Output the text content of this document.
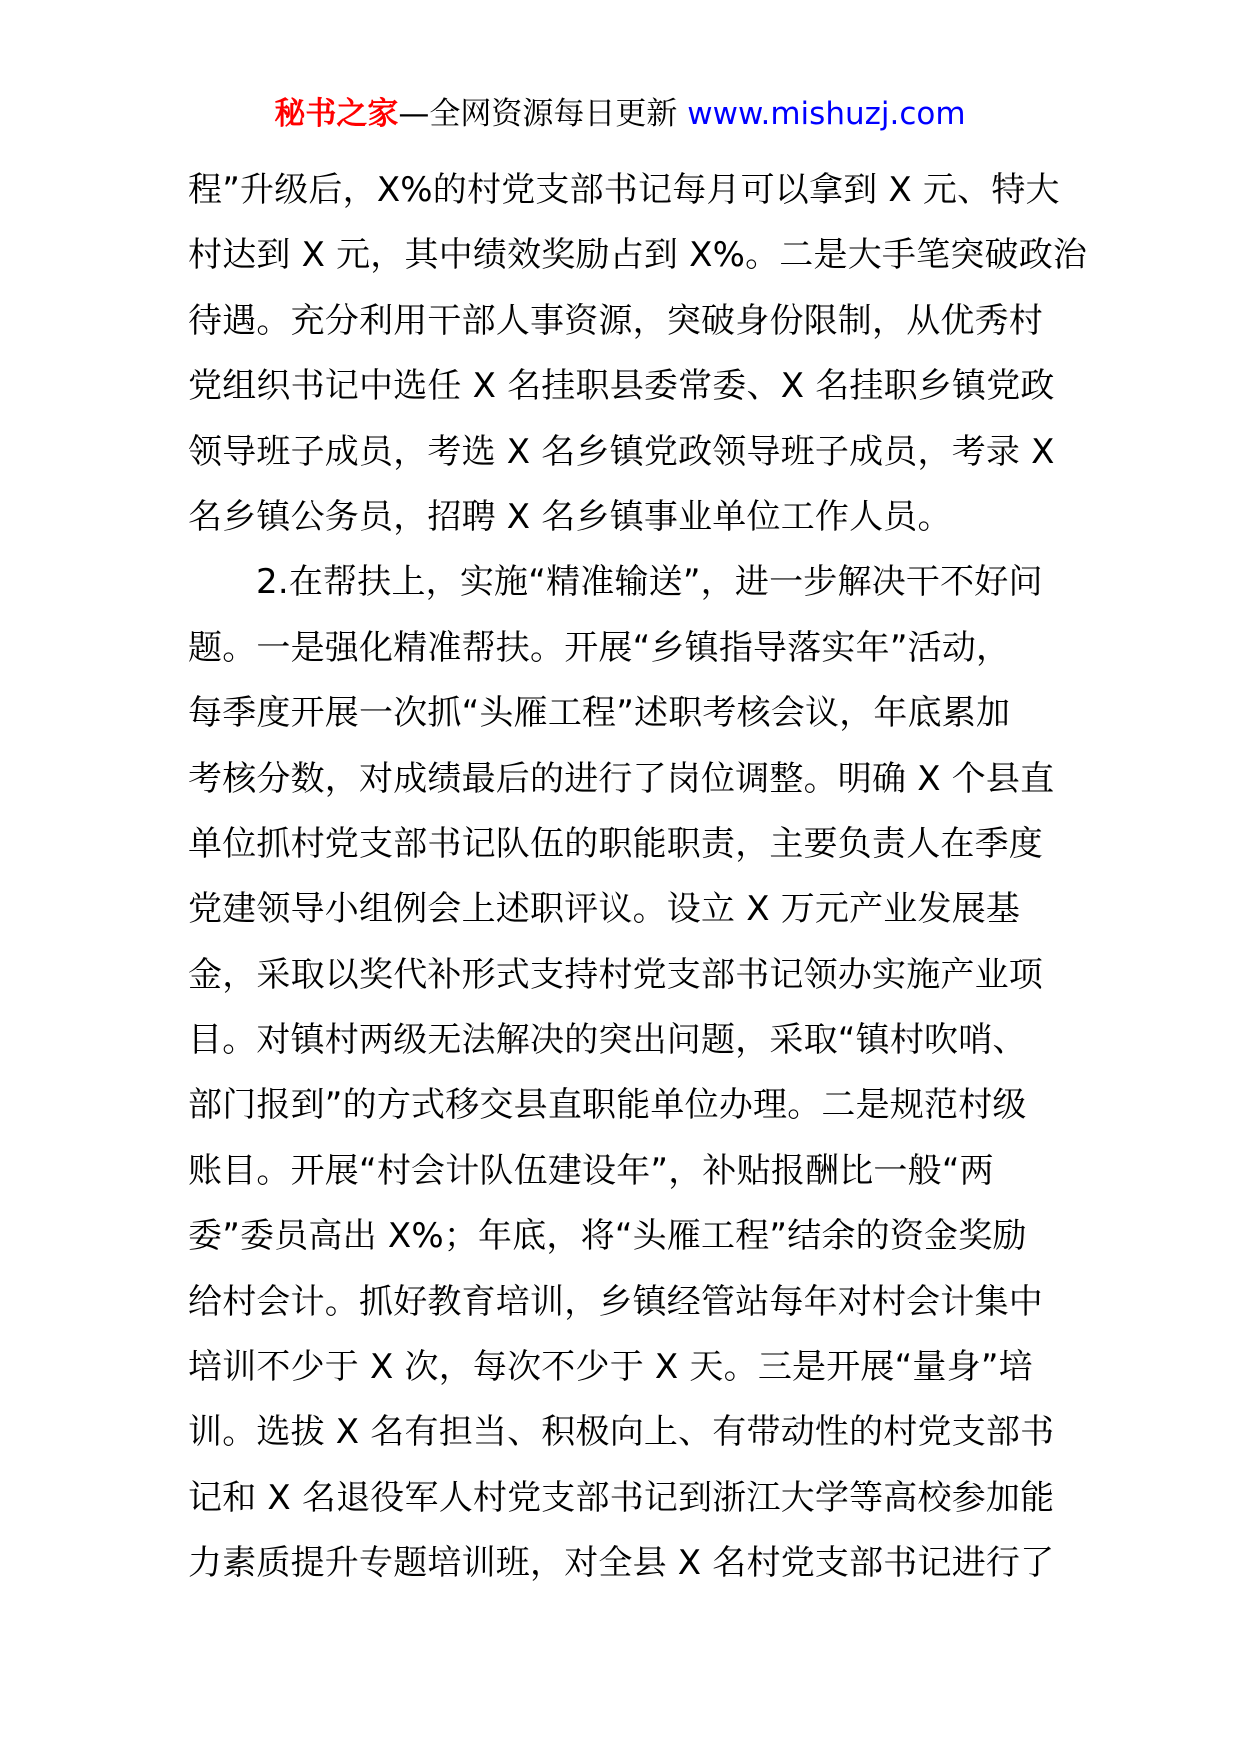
秘书之家—全网资源每日更新 www.mishuzj.com
程”升级后，X%的村党支部书记每月可以拿到 X 元、特大
村达到 X 元，其中绩效奖励占到 X%。二是大手笔突破政治
待遇。充分利用干部人事资源，突破身份限制，从优秀村
党组织书记中选任 X 名挂职县委常委、X 名挂职乡镇党政
领导班子成员，考选 X 名乡镇党政领导班子成员，考录 X
名乡镇公务员，招聘 X 名乡镇事业单位工作人员。
2.在帮扶上，实施“精准输送”，进一步解决干不好问
题。一是强化精准帮扶。开展“乡镇指导落实年”活动，
每季度开展一次抓“头雁工程”述职考核会议，年底累加
考核分数，对成绩最后的进行了岗位调整。明确 X 个县直
单位抓村党支部书记队伍的职能职责，主要负责人在季度
党建领导小组例会上述职评议。设立 X 万元产业发展基
金，采取以奖代补形式支持村党支部书记领办实施产业项
目。对镇村两级无法解决的突出问题，采取“镇村吹哨、
部门报到”的方式移交县直职能单位办理。二是规范村级
账目。开展“村会计队伍建设年”，补贴报酬比一般“两
委”委员高出 X%；年底，将“头雁工程”结余的资金奖励
给村会计。抓好教育培训，乡镇经管站每年对村会计集中
培训不少于 X 次，每次不少于 X 天。三是开展“量身”培
训。选拔 X 名有担当、积极向上、有带动性的村党支部书
记和 X 名退役军人村党支部书记到浙江大学等高校参加能
力素质提升专题培训班，对全县 X 名村党支部书记进行了
